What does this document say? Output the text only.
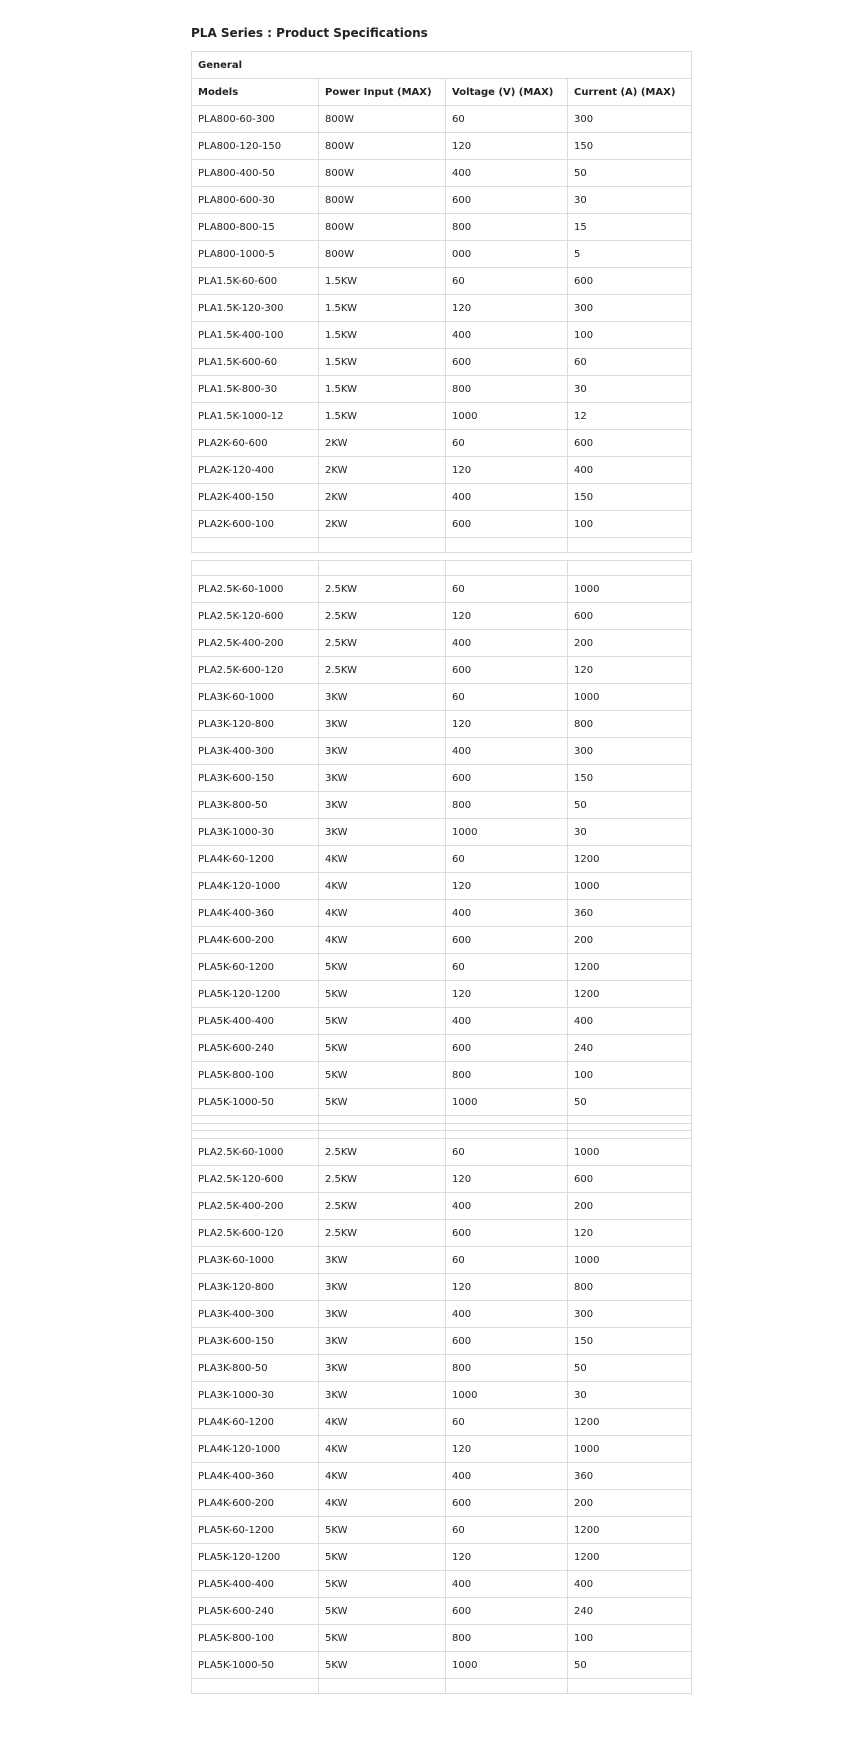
PLA Series : Product Specifications
General			
Models	Power Input (MAX)	Voltage (V) (MAX)	Current (A) (MAX)
PLA800-60-300	800W	60	300
PLA800-120-150	800W	120	150
PLA800-400-50	800W	400	50
PLA800-600-30	800W	600	30
PLA800-800-15	800W	800	15
PLA800-1000-5	800W	000	5
PLA1.5K-60-600	1.5KW	60	600
PLA1.5K-120-300	1.5KW	120	300
PLA1.5K-400-100	1.5KW	400	100
PLA1.5K-600-60	1.5KW	600	60
PLA1.5K-800-30	1.5KW	800	30
PLA1.5K-1000-12	1.5KW	1000	12
PLA2K-60-600	2KW	60	600
PLA2K-120-400	2KW	120	400
PLA2K-400-150	2KW	400	150
PLA2K-600-100	2KW	600	100

PLA2.5K-60-1000	2.5KW	60	1000
PLA2.5K-120-600	2.5KW	120	600
PLA2.5K-400-200	2.5KW	400	200
PLA2.5K-600-120	2.5KW	600	120
PLA3K-60-1000	3KW	60	1000
PLA3K-120-800	3KW	120	800
PLA3K-400-300	3KW	400	300
PLA3K-600-150	3KW	600	150
PLA3K-800-50	3KW	800	50
PLA3K-1000-30	3KW	1000	30
PLA4K-60-1200	4KW	60	1200
PLA4K-120-1000	4KW	120	1000
PLA4K-400-360	4KW	400	360
PLA4K-600-200	4KW	600	200
PLA5K-60-1200	5KW	60	1200
PLA5K-120-1200	5KW	120	1200
PLA5K-400-400	5KW	400	400
PLA5K-600-240	5KW	600	240
PLA5K-800-100	5KW	800	100
PLA5K-1000-50	5KW	1000	50

PLA2.5K-60-1000	2.5KW	60	1000
PLA2.5K-120-600	2.5KW	120	600
PLA2.5K-400-200	2.5KW	400	200
PLA2.5K-600-120	2.5KW	600	120
PLA3K-60-1000	3KW	60	1000
PLA3K-120-800	3KW	120	800
PLA3K-400-300	3KW	400	300
PLA3K-600-150	3KW	600	150
PLA3K-800-50	3KW	800	50
PLA3K-1000-30	3KW	1000	30
PLA4K-60-1200	4KW	60	1200
PLA4K-120-1000	4KW	120	1000
PLA4K-400-360	4KW	400	360
PLA4K-600-200	4KW	600	200
PLA5K-60-1200	5KW	60	1200
PLA5K-120-1200	5KW	120	1200
PLA5K-400-400	5KW	400	400
PLA5K-600-240	5KW	600	240
PLA5K-800-100	5KW	800	100
PLA5K-1000-50	5KW	1000	50
